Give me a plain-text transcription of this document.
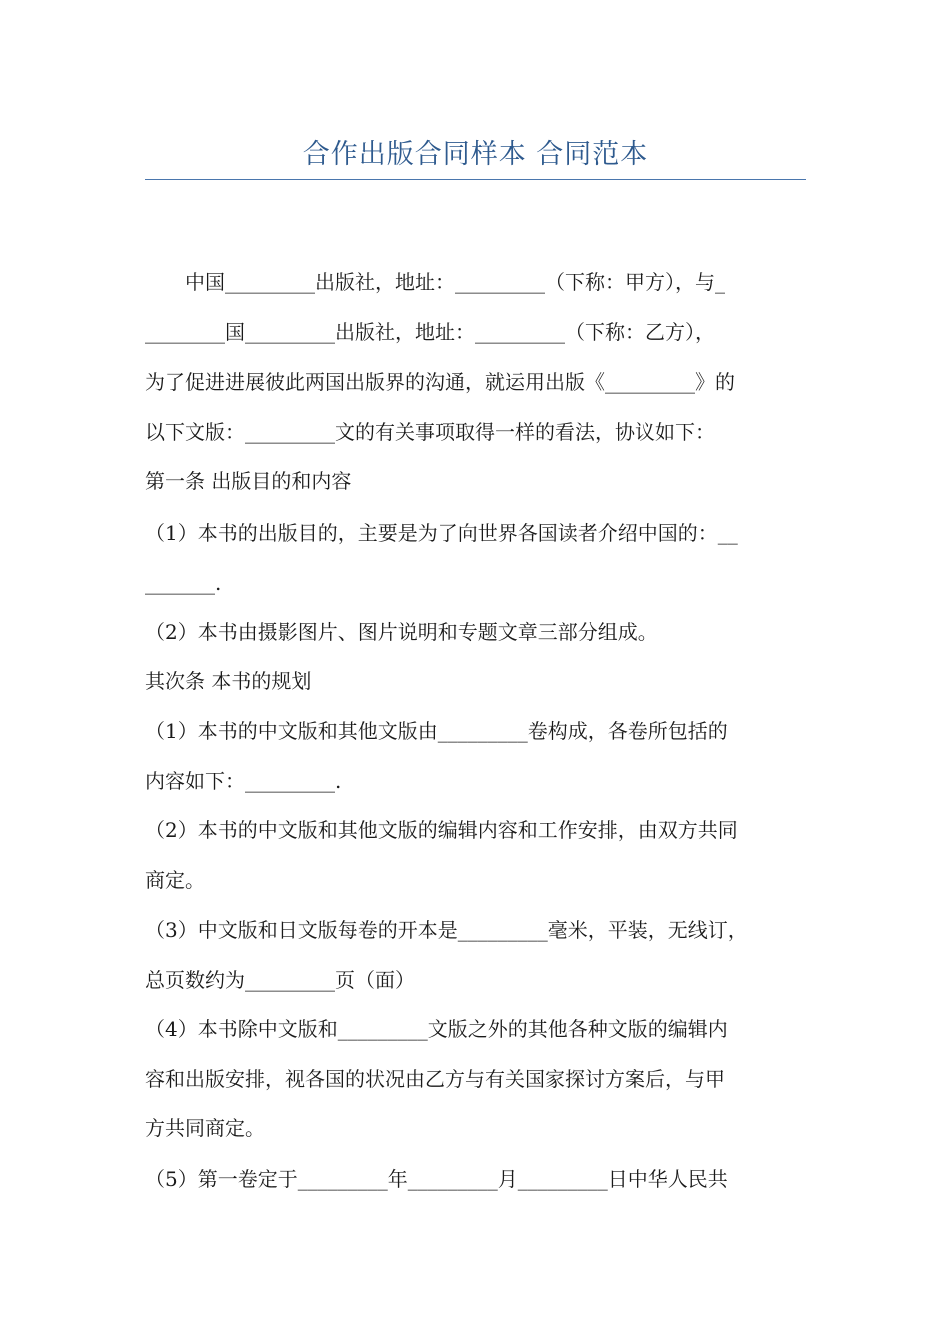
合作出版合同样本 合同范本
　　中国_________出版社，地址：_________（下称：甲方），与_
________国_________出版社，地址：_________（下称：乙方），
为了促进进展彼此两国出版界的沟通，就运用出版《_________》的
以下文版：_________文的有关事项取得一样的看法，协议如下：
第一条 出版目的和内容
（1）本书的出版目的，主要是为了向世界各国读者介绍中国的：__
_______.
（2）本书由摄影图片、图片说明和专题文章三部分组成。
其次条 本书的规划
（1）本书的中文版和其他文版由_________卷构成，各卷所包括的
内容如下：_________.
（2）本书的中文版和其他文版的编辑内容和工作安排，由双方共同
商定。
（3）中文版和日文版每卷的开本是_________毫米，平装，无线订，
总页数约为_________页（面）
（4）本书除中文版和_________文版之外的其他各种文版的编辑内
容和出版安排，视各国的状况由乙方与有关国家探讨方案后，与甲
方共同商定。
（5）第一卷定于_________年_________月_________日中华人民共
